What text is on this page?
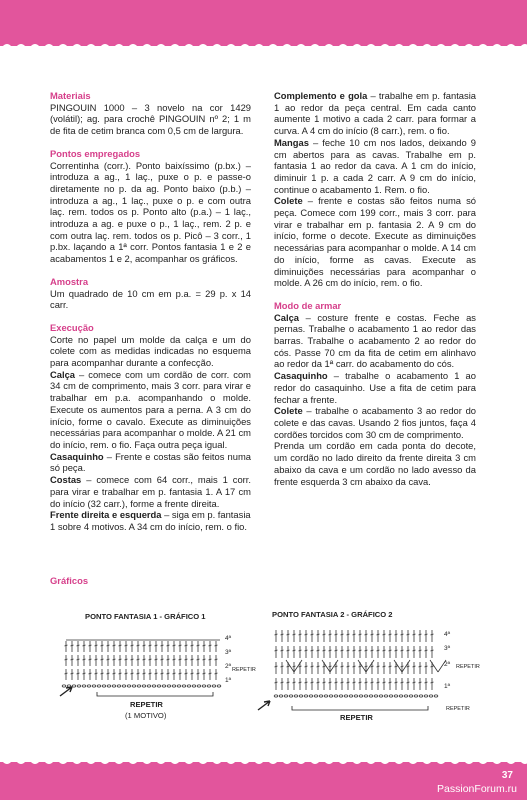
Materiais

PINGOUIN 1000 – 3 novelo na cor 1429 (volátil); ag. para crochê PINGOUIN nº 2; 1 m de fita de cetim branca com 0,5 cm de largura.

Pontos empregados

Correntinha (corr.). Ponto baixíssimo (p.bx.) – introduza a ag., 1 laç., puxe o p. e passe-o diretamente no p. da ag. Ponto baixo (p.b.) – introduza a ag., 1 laç., puxe o p. e com outra laç. rem. todos os p. Ponto alto (p.a.) – 1 laç., introduza a ag. e puxe o p., 1 laç., rem. 2 p. e com outra laç. rem. todos os p. Picô – 3 corr., 1 p.bx. laçando a 1ª corr. Pontos fantasia 1 e 2 e acabamentos 1 e 2, acompanhar os gráficos.

Amostra

Um quadrado de 10 cm em p.a. = 29 p. x 14 carr.

Execução

Corte no papel um molde da calça e um do colete com as medidas indicadas no esquema para acompanhar durante a confecção.

Calça – comece com um cordão de corr. com 34 cm de comprimento, mais 3 corr. para virar e trabalhar em p.a. acompanhando o molde. Execute os aumentos para a perna. A 3 cm do início, forme o cavalo. Execute as diminuições necessárias para acompanhar o molde. A 21 cm do início, rem. o fio. Faça outra peça igual.

Casaquinho – Frente e costas são feitos numa só peça.

Costas – comece com 64 corr., mais 1 corr. para virar e trabalhar em p. fantasia 1. A 17 cm do início (32 carr.), forme a frente direita.

Frente direita e esquerda – siga em p. fantasia 1 sobre 4 motivos. A 34 cm do início, rem. o fio.

Complemento e gola – trabalhe em p. fantasia 1 ao redor da peça central. Em cada canto aumente 1 motivo a cada 2 carr. para formar a curva. A 4 cm do início (8 carr.), rem. o fio.

Mangas – feche 10 cm nos lados, deixando 9 cm abertos para as cavas. Trabalhe em p. fantasia 1 ao redor da cava. A 1 cm do início, diminuir 1 p. a cada 2 carr. A 9 cm do início, continue o acabamento 1. Rem. o fio.

Colete – frente e costas são feitos numa só peça. Comece com 199 corr., mais 3 corr. para virar e trabalhar em p. fantasia 2. A 9 cm do início, forme o decote. Execute as diminuições necessárias para acompanhar o molde. A 14 cm do início, forme as cavas. Execute as diminuições necessárias para acompanhar o molde. A 26 cm do início, rem. o fio.

Modo de armar

Calça – costure frente e costas. Feche as pernas. Trabalhe o acabamento 1 ao redor das barras. Trabalhe o acabamento 2 ao redor do cós. Passe 70 cm da fita de cetim em alinhavo ao redor da 1ª carr. do acabamento do cós.

Casaquinho – trabalhe o acabamento 1 ao redor do casaquinho. Use a fita de cetim para fechar a frente.

Colete – trabalhe o acabamento 3 ao redor do colete e das cavas. Usando 2 fios juntos, faça 4 cordões torcidos com 30 cm de comprimento.

Prenda um cordão em cada ponta do decote, um cordão no lado direito da frente direita 3 cm abaixo da cava e um cordão no lado avesso da frente esquerda 3 cm abaixo da cava.

Gráficos
PONTO FANTASIA 1 - GRÁFICO 1
4ª
3ª
2ª
1ª
REPETIR
REPETIR
(1 MOTIVO)
PONTO FANTASIA 2 - GRÁFICO 2
4ª
3ª
2ª
1ª
REPETIR
REPETIR
REPETIR
37
PassionForum.ru
